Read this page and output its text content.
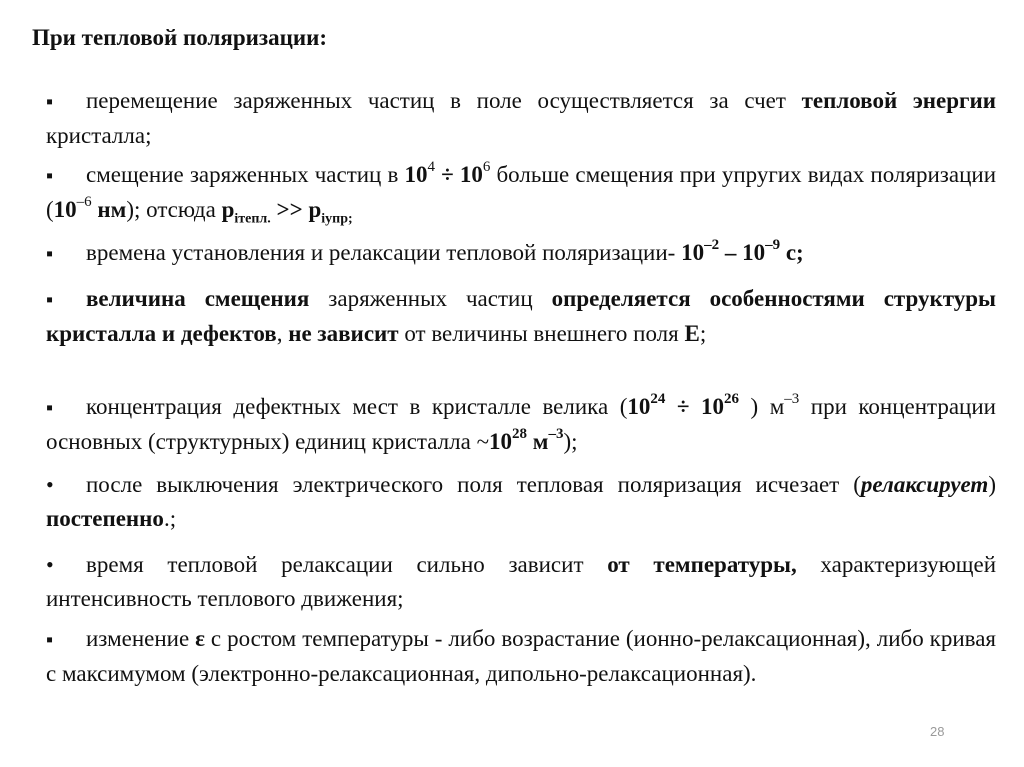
При тепловой поляризации:
▪ перемещение заряженных частиц в поле осуществляется за счет тепловой энергии кристалла;
▪ смещение заряженных частиц в $10^4 \div 10^6$ больше смещения при упругих видах поляризации ($10^{-6}$ нм); отсюда $p_{iтепл.} >> p_{iупр;}$
▪ времена установления и релаксации тепловой поляризации- $10^{-2} - 10^{-9}$ с;
▪ величина смещения заряженных частиц определяется особенностями структуры кристалла и дефектов, не зависит от величины внешнего поля E;
▪ концентрация дефектных мест в кристалле велика ($10^{24} \div 10^{26}$ ) $м^{-3}$ при концентрации основных (структурных) единиц кристалла $\sim 10^{28}$ $м^{-3}$);
• после выключения электрического поля тепловая поляризация исчезает (релаксирует) постепенно.;
• время тепловой релаксации сильно зависит от температуры, характеризующей интенсивность теплового движения;
▪ изменение ε с ростом температуры - либо возрастание (ионно-релаксационная), либо кривая с максимумом (электронно-релаксационная, дипольно-релаксационная).
28
